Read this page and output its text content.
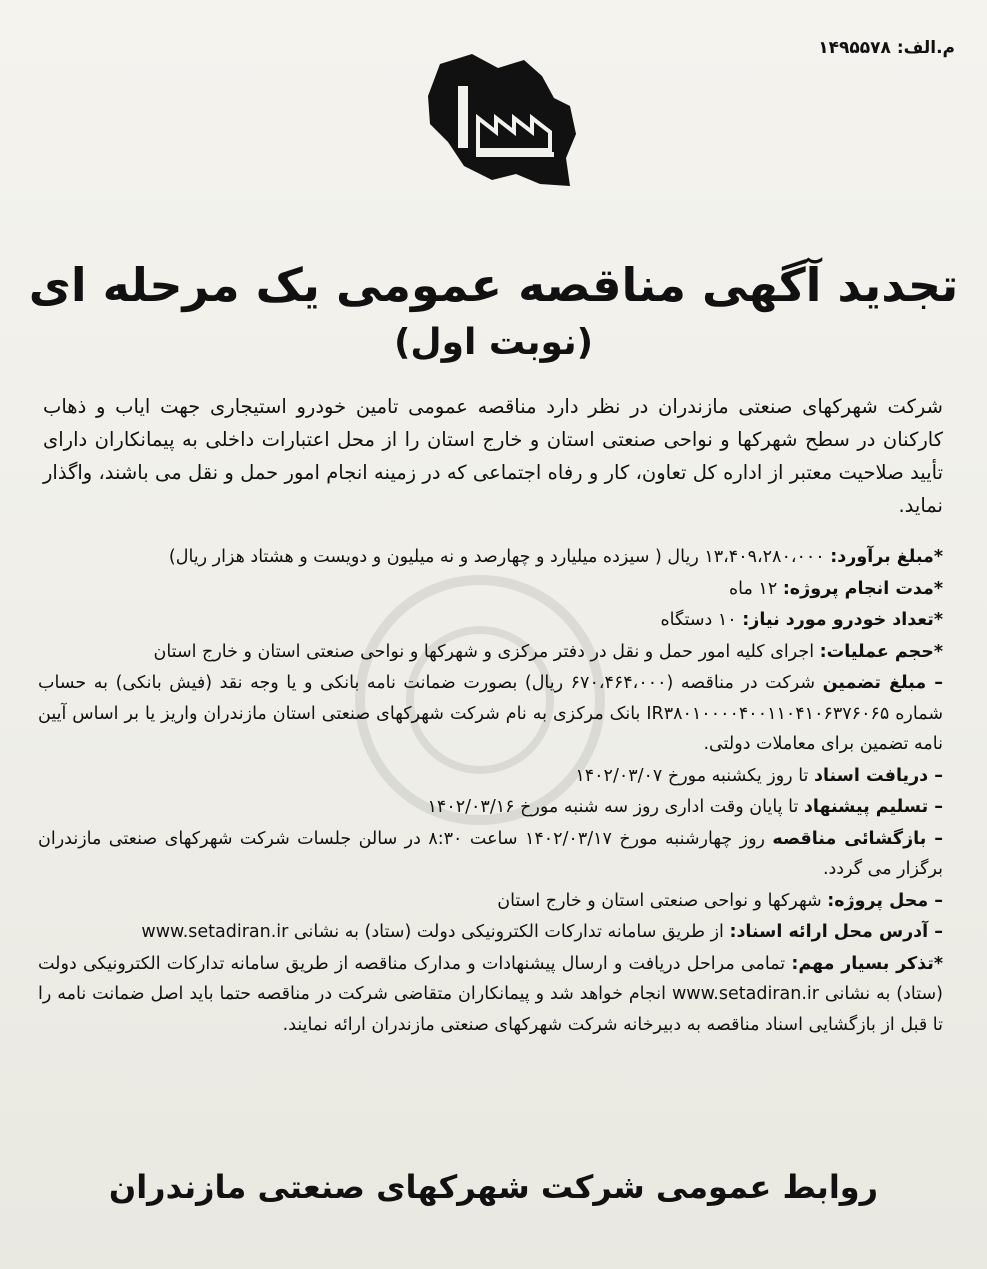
م.الف: ۱۴۹۵۵۷۸
تجدید آگهی مناقصه عمومی یک مرحله ای
(نوبت اول)

شرکت شهرکهای صنعتی مازندران در نظر دارد مناقصه عمومی تامین خودرو استیجاری جهت ایاب و ذهاب کارکنان در سطح شهرکها و نواحی صنعتی استان و خارج استان را از محل اعتبارات داخلی به پیمانکاران دارای تأیید صلاحیت معتبر از اداره کل تعاون، کار و رفاه اجتماعی که در زمینه انجام امور حمل و نقل می باشند، واگذار نماید.

*مبلغ برآورد: ۱۳،۴۰۹،۲۸۰،۰۰۰ ریال ( سیزده میلیارد و چهارصد و نه میلیون و دویست و هشتاد هزار ریال)

*مدت انجام پروژه: ۱۲ ماه

*تعداد خودرو مورد نیاز: ۱۰ دستگاه

*حجم عملیات: اجرای کلیه امور حمل و نقل در دفتر مرکزی و شهرکها و نواحی صنعتی استان و خارج استان

– مبلغ تضمین شرکت در مناقصه (۶۷۰،۴۶۴،۰۰۰ ریال) بصورت ضمانت نامه بانکی و یا وجه نقد (فیش بانکی) به حساب شماره IR۳۸۰۱۰۰۰۰۴۰۰۱۱۰۴۱۰۶۳۷۶۰۶۵ بانک مرکزی به نام شرکت شهرکهای صنعتی استان مازندران واریز یا بر اساس آیین نامه تضمین برای معاملات دولتی.

– دریافت اسناد تا روز یکشنبه مورخ ۱۴۰۲/۰۳/۰۷

– تسلیم پیشنهاد تا پایان وقت اداری روز سه شنبه مورخ ۱۴۰۲/۰۳/۱۶

– بازگشائی مناقصه روز چهارشنبه مورخ ۱۴۰۲/۰۳/۱۷ ساعت ۸:۳۰ در سالن جلسات شرکت شهرکهای صنعتی مازندران برگزار می گردد.

– محل پروژه: شهرکها و نواحی صنعتی استان و خارج استان

– آدرس محل ارائه اسناد: از طریق سامانه تدارکات الکترونیکی دولت (ستاد) به نشانی www.setadiran.ir

*تذکر بسیار مهم: تمامی مراحل دریافت و ارسال پیشنهادات و مدارک مناقصه از طریق سامانه تدارکات الکترونیکی دولت (ستاد) به نشانی www.setadiran.ir انجام خواهد شد و پیمانکاران متقاضی شرکت در مناقصه حتما باید اصل ضمانت نامه را تا قبل از بازگشایی اسناد مناقصه به دبیرخانه شرکت شهرکهای صنعتی مازندران ارائه نمایند.

روابط عمومی شرکت شهرکهای صنعتی مازندران
